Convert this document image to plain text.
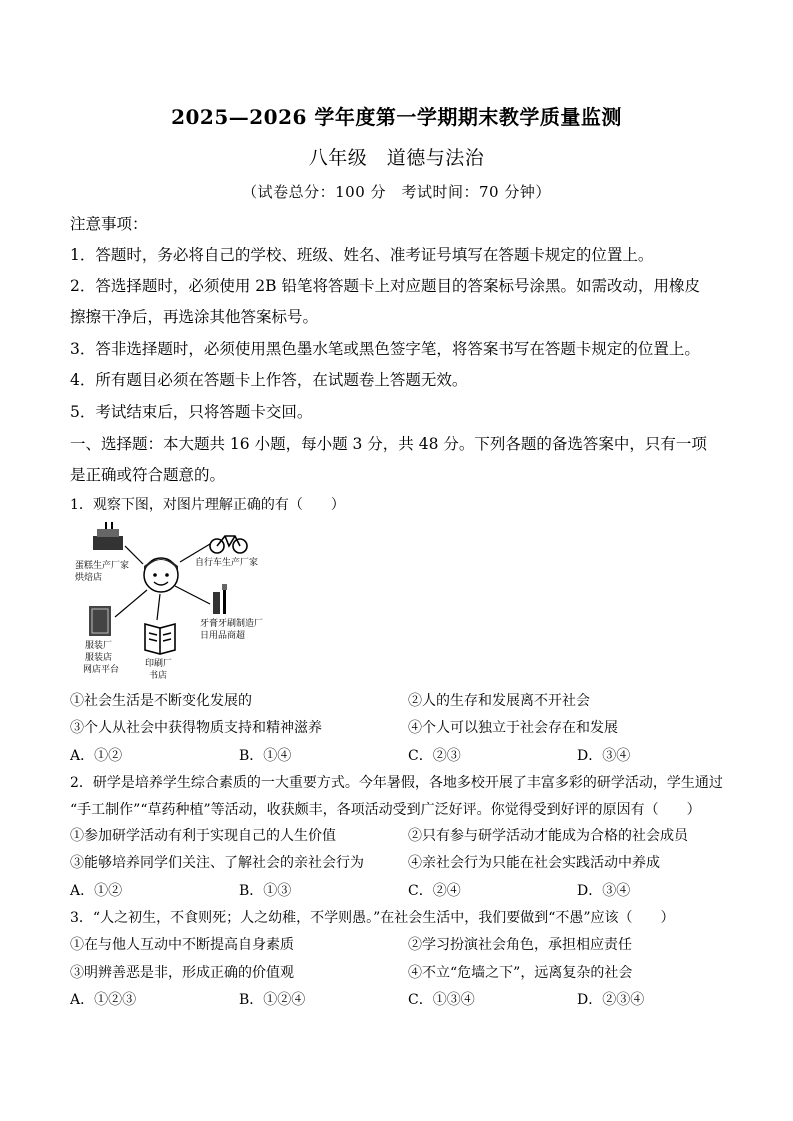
2025—2026 学年度第一学期期末教学质量监测
八年级　道德与法治
（试卷总分：100 分　考试时间：70 分钟）
注意事项：
1．答题时，务必将自己的学校、班级、姓名、准考证号填写在答题卡规定的位置上。
2．答选择题时，必须使用 2B 铅笔将答题卡上对应题目的答案标号涂黑。如需改动，用橡皮
擦擦干净后，再选涂其他答案标号。
3．答非选择题时，必须使用黑色墨水笔或黑色签字笔，将答案书写在答题卡规定的位置上。
4．所有题目必须在答题卡上作答，在试题卷上答题无效。
5．考试结束后，只将答题卡交回。
一、选择题：本大题共 16 小题，每小题 3 分，共 48 分。下列各题的备选答案中，只有一项
是正确或符合题意的。
1．观察下图，对图片理解正确的有（　　）
蛋糕生产厂家
烘焙店
自行车生产厂家
牙膏牙刷制造厂
日用品商超
服装厂
服装店
网店平台
印刷厂
书店
①社会生活是不断变化发展的	②人的生存和发展离不开社会
③个人从社会中获得物质支持和精神滋养	④个人可以独立于社会存在和发展
A．①②	B．①④	C．②③	D．③④
2．研学是培养学生综合素质的一大重要方式。今年暑假，各地多校开展了丰富多彩的研学活动，学生通过
“手工制作”“草药种植”等活动，收获颇丰，各项活动受到广泛好评。你觉得受到好评的原因有（　　）
①参加研学活动有利于实现自己的人生价值	②只有参与研学活动才能成为合格的社会成员
③能够培养同学们关注、了解社会的亲社会行为	④亲社会行为只能在社会实践活动中养成
A．①②	B．①③	C．②④	D．③④
3．“人之初生，不食则死；人之幼稚，不学则愚。”在社会生活中，我们要做到“不愚”应该（　　）
①在与他人互动中不断提高自身素质	②学习扮演社会角色，承担相应责任
③明辨善恶是非，形成正确的价值观	④不立“危墙之下”，远离复杂的社会
A．①②③	B．①②④	C．①③④	D．②③④
